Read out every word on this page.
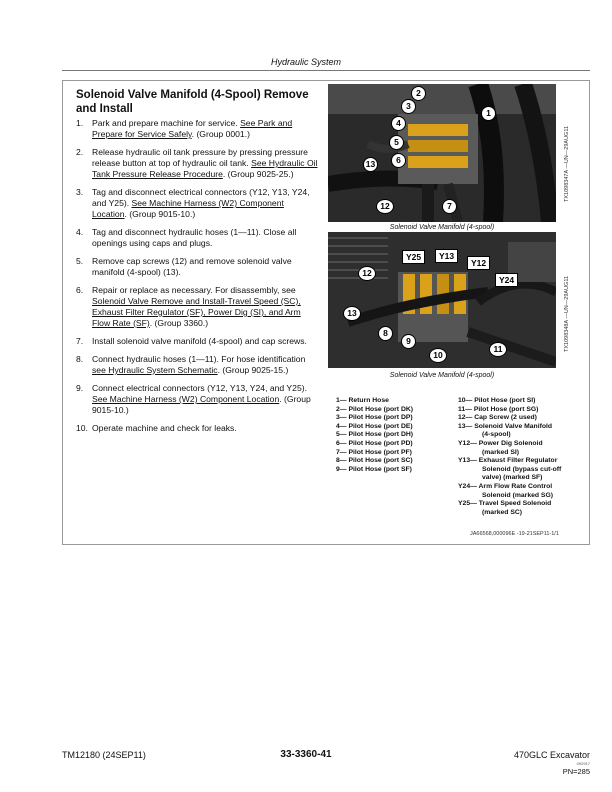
Hydraulic System
Solenoid Valve Manifold (4-Spool) Remove and Install
1. Park and prepare machine for service. See Park and Prepare for Service Safely. (Group 0001.)
2. Release hydraulic oil tank pressure by pressing pressure release button at top of hydraulic oil tank. See Hydraulic Oil Tank Pressure Release Procedure. (Group 9025-25.)
3. Tag and disconnect electrical connectors (Y12, Y13, Y24, and Y25). See Machine Harness (W2) Component Location. (Group 9015-10.)
4. Tag and disconnect hydraulic hoses (1—11). Close all openings using caps and plugs.
5. Remove cap screws (12) and remove solenoid valve manifold (4-spool) (13).
6. Repair or replace as necessary. For disassembly, see Solenoid Valve Remove and Install-Travel Speed (SC), Exhaust Filter Regulator (SF), Power Dig (SI), and Arm Flow Rate (SF). (Group 3360.)
7. Install solenoid valve manifold (4-spool) and cap screws.
8. Connect hydraulic hoses (1—11). For hose identification see Hydraulic System Schematic. (Group 9025-15.)
9. Connect electrical connectors (Y12, Y13, Y24, and Y25). See Machine Harness (W2) Component Location. (Group 9015-10.)
10. Operate machine and check for leaks.
2
3
1
4
5
13	6
12	7
Solenoid Valve Manifold (4-spool)
TX1098347A —UN—29AUG11
Y25	Y13
Y12
Y24
12
13
8
9
10
11
Solenoid Valve Manifold (4-spool)
TX1098348A —UN—29AUG11
1— Return Hose
2— Pilot Hose (port DK)
3— Pilot Hose (port DP)
4— Pilot Hose (port DE)
5— Pilot Hose (port DH)
6— Pilot Hose (port PD)
7— Pilot Hose (port PF)
8— Pilot Hose (port SC)
9— Pilot Hose (port SF)
10— Pilot Hose (port SI)
11— Pilot Hose (port SG)
12— Cap Screw (2 used)
13— Solenoid Valve Manifold
(4-spool)
Y12— Power Dig Solenoid
(marked SI)
Y13— Exhaust Filter Regulator
Solenoid (bypass cut-off
valve) (marked SF)
Y24— Arm Flow Rate Control
Solenoid (marked SG)
Y25— Travel Speed Solenoid
(marked SC)
JA66568,000096E -19-21SEP11-1/1
TM12180 (24SEP11)	33-3360-41	470GLC Excavator
092917
PN=285
